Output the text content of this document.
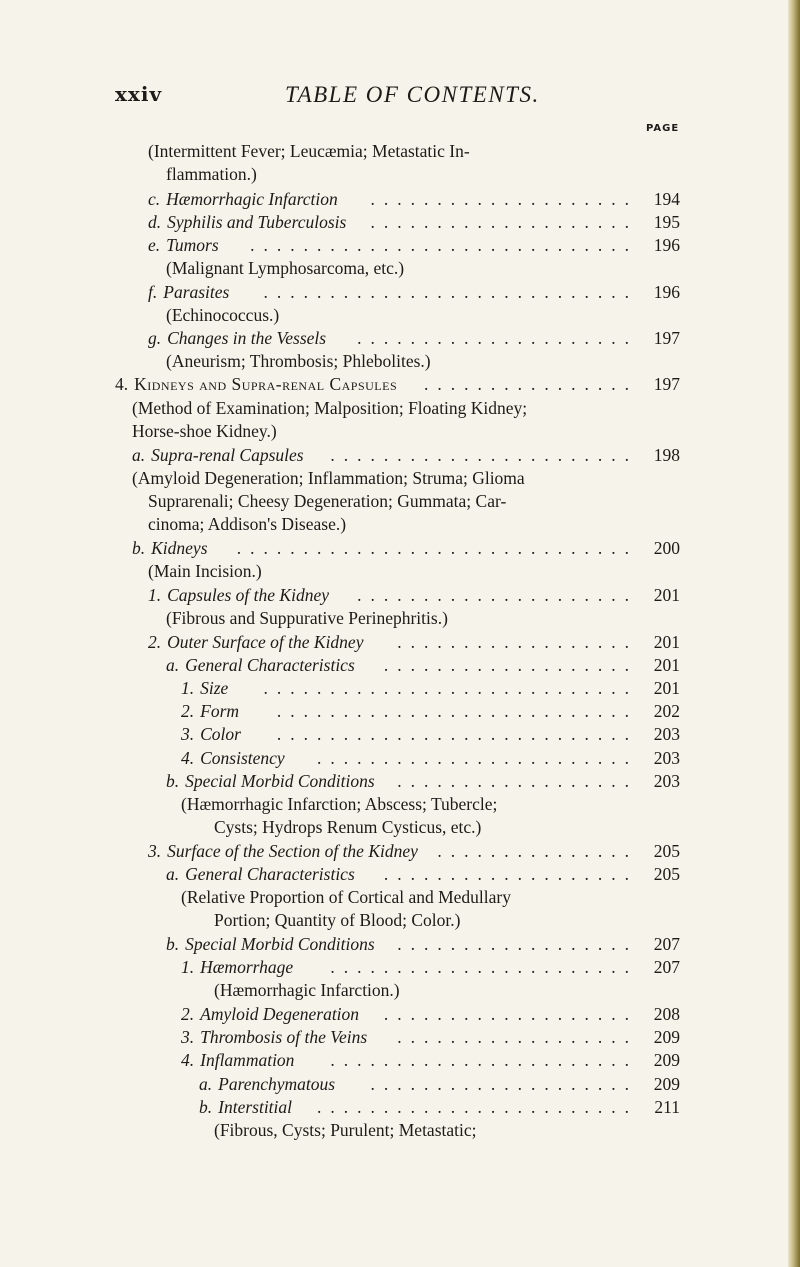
xxiv	TABLE OF CONTENTS.
PAGE
(Intermittent Fever; Leucæmia; Metastatic In-
flammation.)
c. Hæmorrhagic Infarction .................... 194
d. Syphilis and Tuberculosis .................... 195
e. Tumors ............................. 196
(Malignant Lymphosarcoma, etc.)
f. Parasites ............................ 196
(Echinococcus.)
g. Changes in the Vessels ..................... 197
(Aneurism; Thrombosis; Phlebolites.)
4. Kidneys and Supra-renal Capsules ................ 197
(Method of Examination; Malposition; Floating Kidney;
Horse-shoe Kidney.)
a. Supra-renal Capsules ....................... 198
(Amyloid Degeneration; Inflammation; Struma; Glioma
Suprarenali; Cheesy Degeneration; Gummata; Car-
cinoma; Addison's Disease.)
b. Kidneys .............................. 200
(Main Incision.)
1. Capsules of the Kidney ..................... 201
(Fibrous and Suppurative Perinephritis.)
2. Outer Surface of the Kidney .................. 201
a. General Characteristics ................... 201
1. Size ............................ 201
2. Form ........................... 202
3. Color ........................... 203
4. Consistency ........................ 203
b. Special Morbid Conditions .................. 203
(Hæmorrhagic Infarction; Abscess; Tubercle;
Cysts; Hydrops Renum Cysticus, etc.)
3. Surface of the Section of the Kidney ............... 205
a. General Characteristics ................... 205
(Relative Proportion of Cortical and Medullary
Portion; Quantity of Blood; Color.)
b. Special Morbid Conditions .................. 207
1. Hæmorrhage ....................... 207
(Hæmorrhagic Infarction.)
2. Amyloid Degeneration ................... 208
3. Thrombosis of the Veins .................. 209
4. Inflammation ....................... 209
a. Parenchymatous .................... 209
b. Interstitial ........................ 211
(Fibrous, Cysts; Purulent; Metastatic;
